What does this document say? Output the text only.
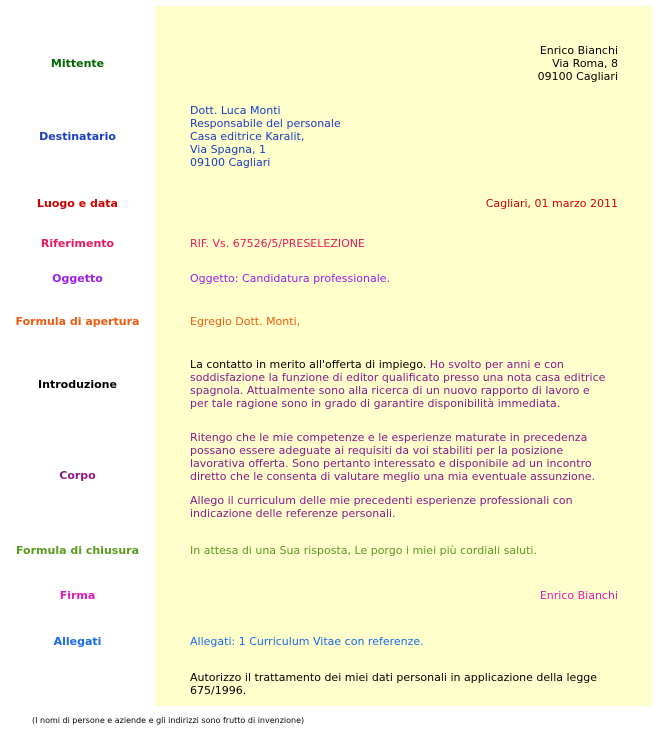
Mittente
Destinatario
Luogo e data
Riferimento
Oggetto
Formula di apertura
Introduzione
Corpo
Formula di chiusura
Firma
Allegati

Enrico Bianchi

Via Roma, 8

09100 Cagliari

Dott. Luca Monti

Responsabile del personale

Casa editrice Karalit,

Via Spagna, 1

09100 Cagliari

Cagliari, 01 marzo 2011
RIF. Vs. 67526/5/PRESELEZIONE
Oggetto: Candidatura professionale.
Egregio Dott. Monti,
La contatto in merito all'offerta di impiego. Ho svolto per anni e con soddisfazione la funzione di editor qualificato presso una nota casa editrice spagnola. Attualmente sono alla ricerca di un nuovo rapporto di lavoro e per tale ragione sono in grado di garantire disponibilità immediata.
Ritengo che le mie competenze e le esperienze maturate in precedenza possano essere adeguate ai requisiti da voi stabiliti per la posizione lavorativa offerta. Sono pertanto interessato e disponibile ad un incontro diretto che le consenta di valutare meglio una mia eventuale assunzione.
Allego il curriculum delle mie precedenti esperienze professionali con indicazione delle referenze personali.
In attesa di una Sua risposta, Le porgo i miei più cordiali saluti.
Enrico Bianchi
Allegati: 1 Curriculum Vitae con referenze.
Autorizzo il trattamento dei miei dati personali in applicazione della legge 675/1996.
(I nomi di persone e aziende e gli indirizzi sono frutto di invenzione)
